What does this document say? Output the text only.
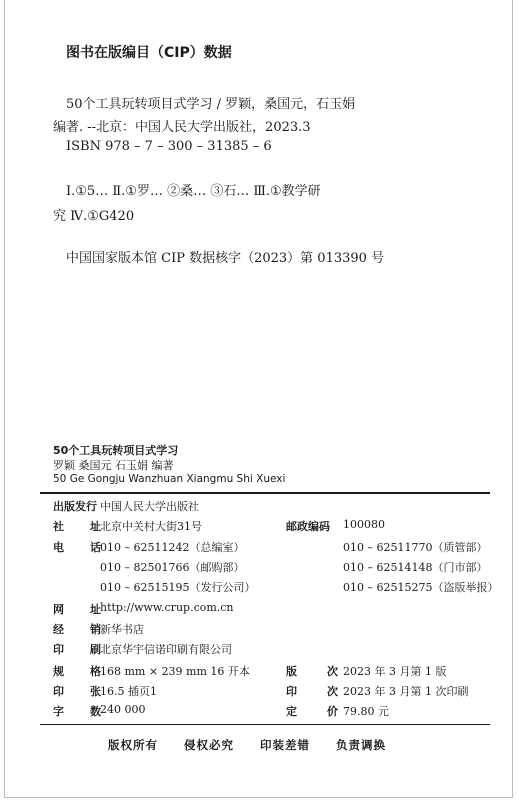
图书在版编目（CIP）数据
50个工具玩转项目式学习 / 罗颖，桑国元，石玉娟
编著. --北京：中国人民大学出版社，2023.3
ISBN 978 – 7 – 300 – 31385 – 6
Ⅰ.①5… Ⅱ.①罗… ②桑… ③石… Ⅲ.①教学研
究 Ⅳ.①G420
中国国家版本馆 CIP 数据核字（2023）第 013390 号
50个工具玩转项目式学习
罗颖 桑国元 石玉娟 编著
50 Ge Gongju Wanzhuan Xiangmu Shi Xuexi
出版发行 中国人民大学出版社
社 址 北京中关村大街31号	邮政编码 100080
电 话 010 – 62511242（总编室）	010 – 62511770（质管部）
010 – 82501766（邮购部）	010 – 62514148（门市部）
010 – 62515195（发行公司）	010 – 62515275（盗版举报）
网 址 http://www.crup.com.cn
经 销 新华书店
印 刷 北京华宇信诺印刷有限公司
规 格 168 mm × 239 mm 16 开本	版	次 2023 年 3 月第 1 版
印 张 16.5 插页1	印	次 2023 年 3 月第 1 次印刷
字 数 240 000	定	价 79.80 元
版权所有 侵权必究 印装差错 负责调换
